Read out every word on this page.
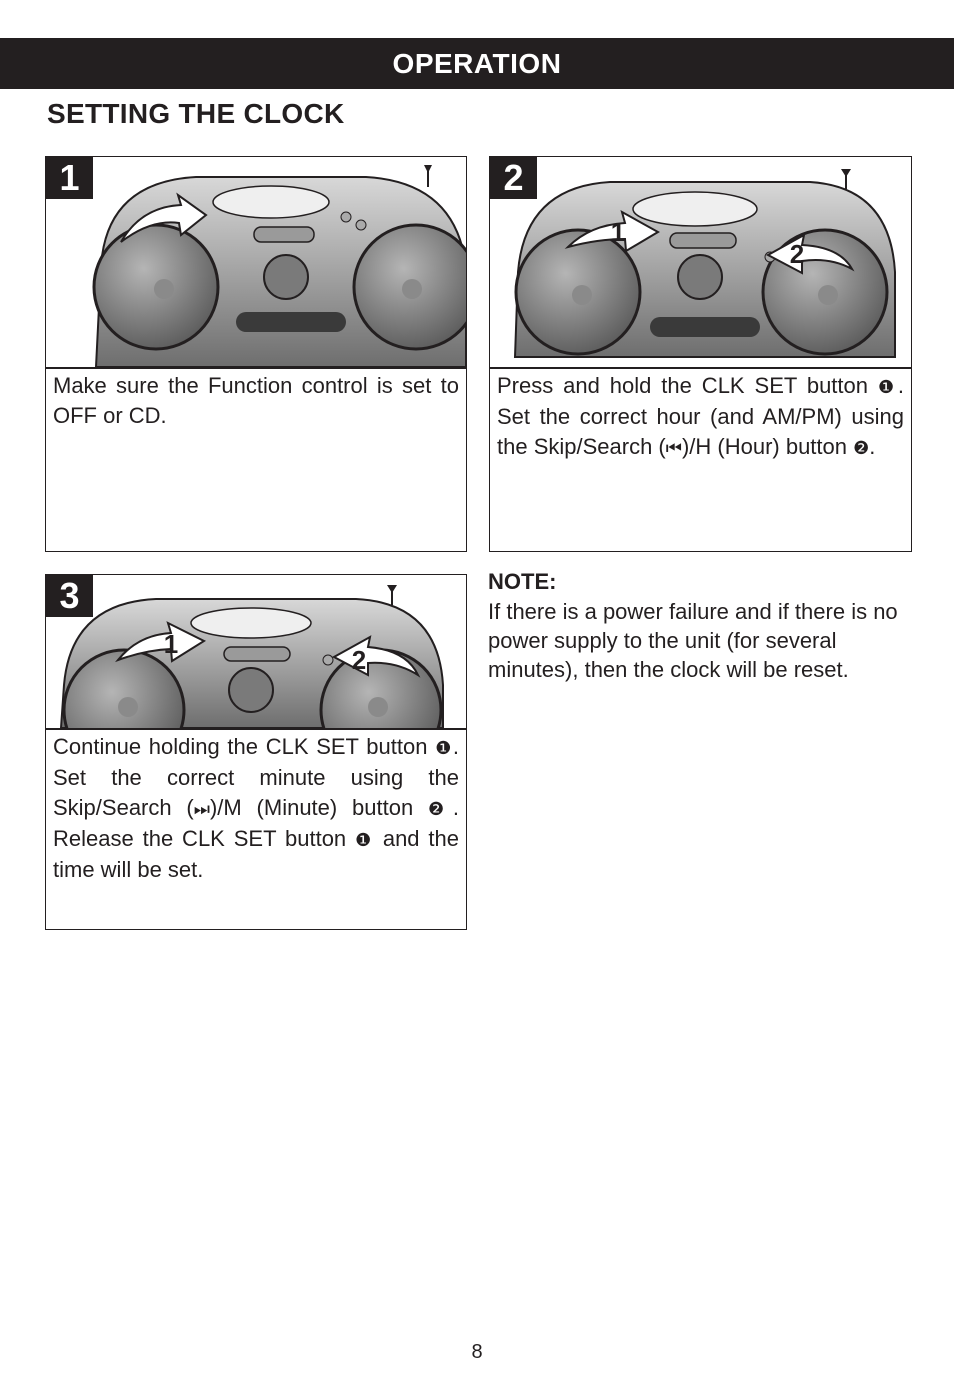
OPERATION
SETTING THE CLOCK
1
Make sure the Function control is set to OFF or CD.
2
1
2
Press and hold the CLK SET button ❶. Set the correct hour (and AM/PM) using the Skip/Search (⏮)/H (Hour) button ❷.
3
1
2
Continue holding the CLK SET button ❶. Set the correct minute using the Skip/Search (⏭)/M (Minute) button ❷. Release the CLK SET button ❶ and the time will be set.
NOTE:
If there is a power failure and if there is no power supply to the unit (for several minutes), then the clock will be reset.
8
